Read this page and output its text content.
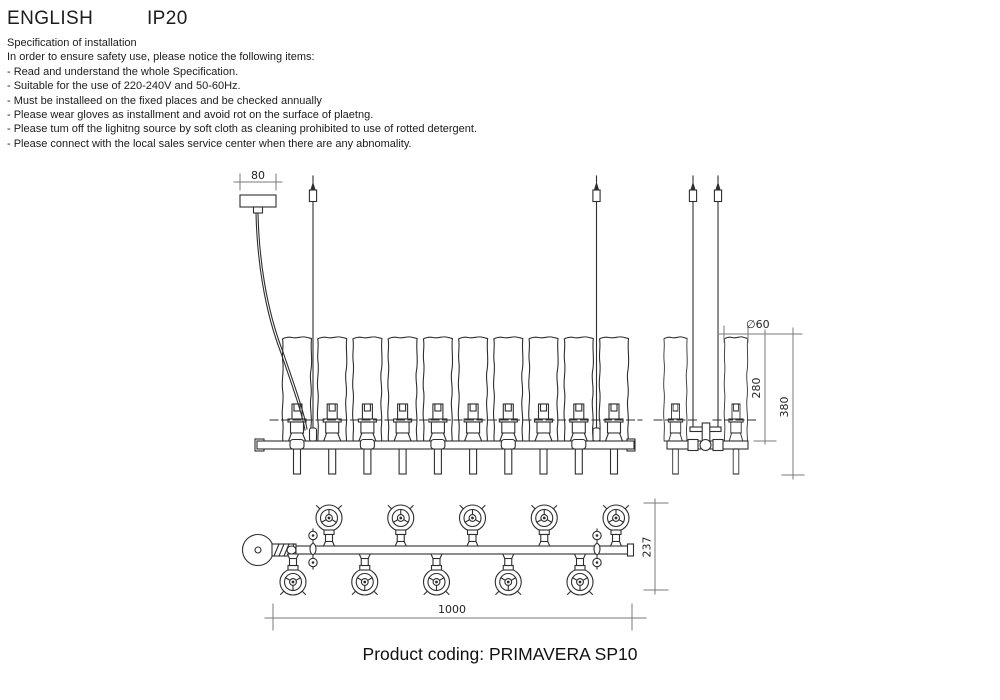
ENGLISH	IP20
Specification of installation
In order to ensure safety use, please notice the following items:
- Read and understand the whole Specification.
- Suitable for the use of 220-240V and 50-60Hz.
- Must be installeed on the fixed places and be checked annually
- Please wear gloves as installment and avoid rot on the surface of plaetng.
- Please tum off the lighitng source by soft cloth as cleaning prohibited to use of rotted detergent.
- Please connect with the local sales service center when there are any abnomality.
80
∅60
280
380
237
1000
Product coding: PRIMAVERA SP10
